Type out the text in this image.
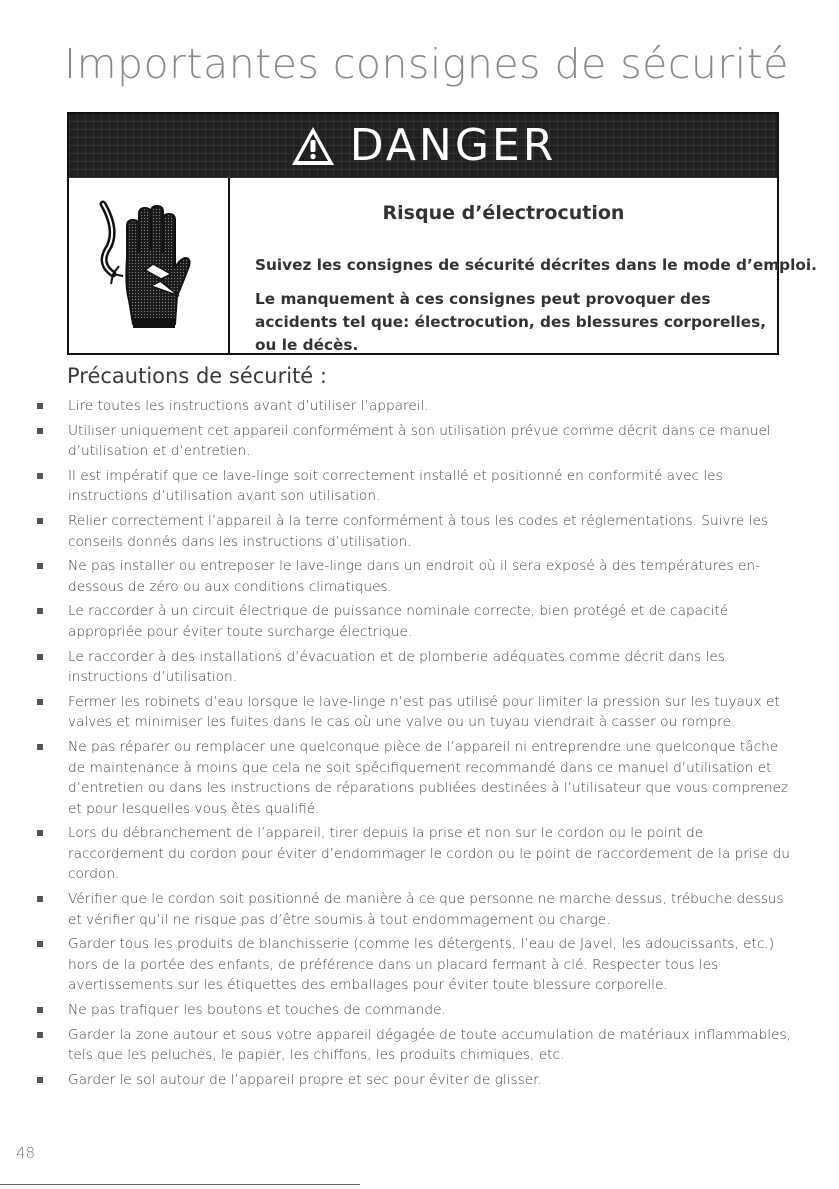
Importantes consignes de sécurité
DANGER
Risque d’électrocution

Suivez les consignes de sécurité décrites dans le mode d’emploi.

Le manquement à ces consignes peut provoquer des accidents tel que: électrocution, des blessures corporelles, ou le décès.

Précautions de sécurité :
Lire toutes les instructions avant d’utiliser l’appareil.
Utiliser uniquement cet appareil conformément à son utilisation prévue comme décrit dans ce manuel d’utilisation et d’entretien.
Il est impératif que ce lave-linge soit correctement installé et positionné en conformité avec les instructions d’utilisation avant son utilisation.
Relier correctement l’appareil à la terre conformément à tous les codes et réglementations. Suivre les conseils donnés dans les instructions d’utilisation.
Ne pas installer ou entreposer le lave-linge dans un endroit où il sera exposé à des températures en-dessous de zéro ou aux conditions climatiques.
Le raccorder à un circuit électrique de puissance nominale correcte, bien protégé et de capacité appropriée pour éviter toute surcharge électrique.
Le raccorder à des installations d’évacuation et de plomberie adéquates comme décrit dans les instructions d’utilisation.
Fermer les robinets d’eau lorsque le lave-linge n’est pas utilisé pour limiter la pression sur les tuyaux et valves et minimiser les fuites dans le cas où une valve ou un tuyau viendrait à casser ou rompre.
Ne pas réparer ou remplacer une quelconque pièce de l’appareil ni entreprendre une quelconque tâche de maintenance à moins que cela ne soit spécifiquement recommandé dans ce manuel d’utilisation et d’entretien ou dans les instructions de réparations publiées destinées à l’utilisateur que vous comprenez et pour lesquelles vous êtes qualifié.
Lors du débranchement de l’appareil, tirer depuis la prise et non sur le cordon ou le point de raccordement du cordon pour éviter d’endommager le cordon ou le point de raccordement de la prise du cordon.
Vérifier que le cordon soit positionné de manière à ce que personne ne marche dessus, trébuche dessus et vérifier qu’il ne risque pas d’être soumis à tout endommagement ou charge.
Garder tous les produits de blanchisserie (comme les détergents, l’eau de Javel, les adoucissants, etc.) hors de la portée des enfants, de préférence dans un placard fermant à clé. Respecter tous les avertissements sur les étiquettes des emballages pour éviter toute blessure corporelle.
Ne pas trafiquer les boutons et touches de commande.
Garder la zone autour et sous votre appareil dégagée de toute accumulation de matériaux inflammables, tels que les peluches, le papier, les chiffons, les produits chimiques, etc.
Garder le sol autour de l’appareil propre et sec pour éviter de glisser.
48
